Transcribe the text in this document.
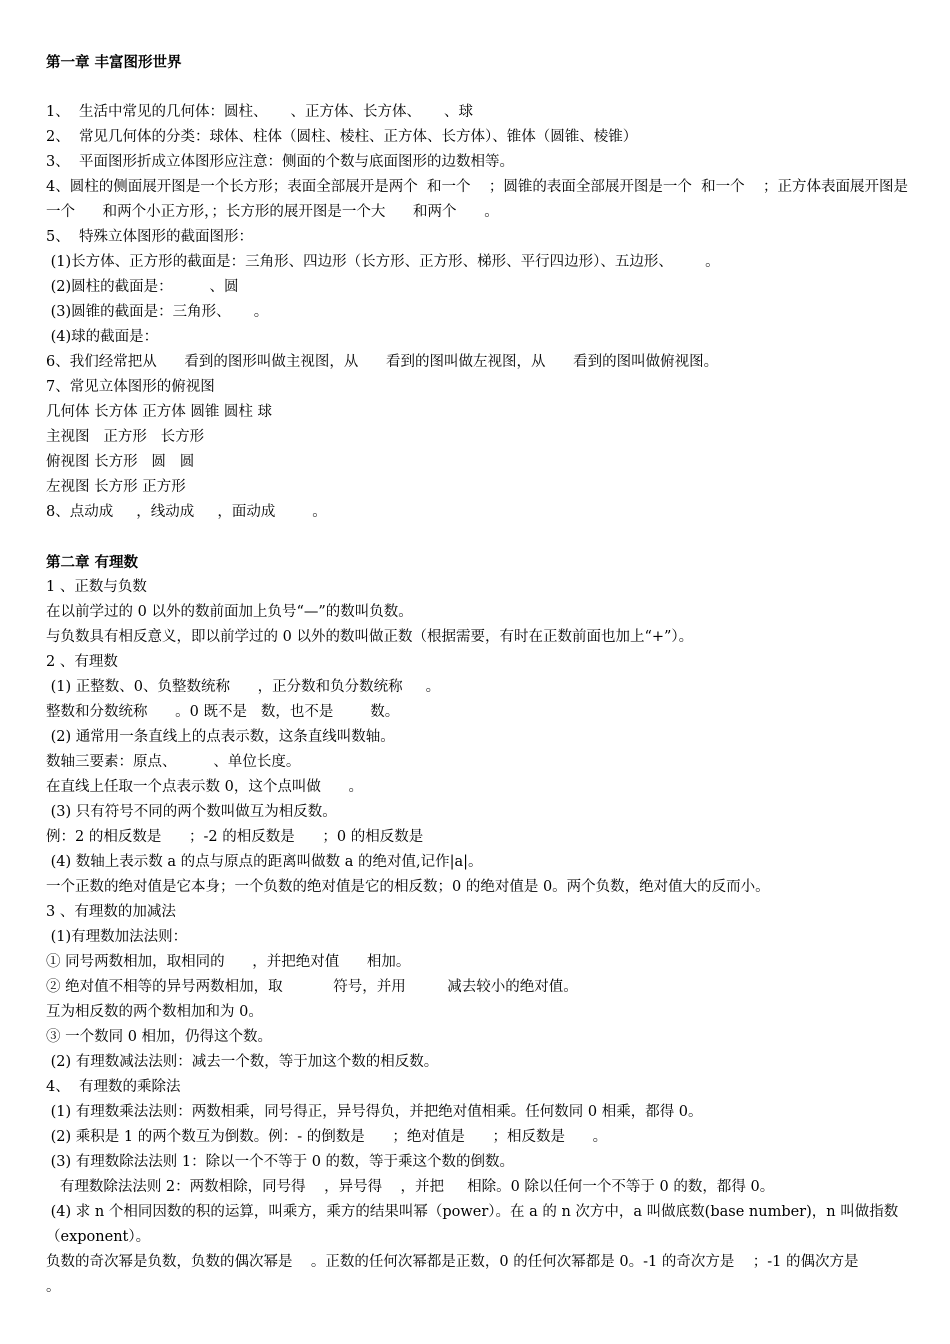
第一章 丰富图形世界
1、  生活中常见的几何体：圆柱、     、正方体、长方体、     、球
2、  常见几何体的分类：球体、柱体（圆柱、棱柱、正方体、长方体）、锥体（圆锥、棱锥）
3、  平面图形折成立体图形应注意：侧面的个数与底面图形的边数相等。
4、圆柱的侧面展开图是一个长方形；表面全部展开是两个  和一个    ；圆锥的表面全部展开图是一个  和一个    ；正方体表面展开图是一个      和两个小正方形，；长方形的展开图是一个大      和两个      。
5、  特殊立体图形的截面图形：
(1)长方体、正方形的截面是：三角形、四边形（长方形、正方形、梯形、平行四边形）、五边形、       。
(2)圆柱的截面是：        、圆
(3)圆锥的截面是：三角形、     。
(4)球的截面是：
6、我们经常把从      看到的图形叫做主视图，从      看到的图叫做左视图，从      看到的图叫做俯视图。
7、常见立体图形的俯视图
几何体 长方体 正方体 圆锥 圆柱 球
主视图   正方形   长方形
俯视图 长方形   圆   圆
左视图 长方形 正方形
8、点动成     ，线动成     ，面动成        。
第二章 有理数
1 、正数与负数
在以前学过的 0 以外的数前面加上负号“—”的数叫负数。
与负数具有相反意义，即以前学过的 0 以外的数叫做正数（根据需要，有时在正数前面也加上“+”）。
2 、有理数
(1) 正整数、0、负整数统称      ，正分数和负分数统称     。
整数和分数统称      。0 既不是   数，也不是        数。
(2) 通常用一条直线上的点表示数，这条直线叫数轴。
数轴三要素：原点、        、单位长度。
在直线上任取一个点表示数 0，这个点叫做      。
(3) 只有符号不同的两个数叫做互为相反数。
例：2 的相反数是      ；-2 的相反数是      ；0 的相反数是
(4) 数轴上表示数 a 的点与原点的距离叫做数 a 的绝对值,记作|a|。
一个正数的绝对值是它本身；一个负数的绝对值是它的相反数；0 的绝对值是 0。两个负数，绝对值大的反而小。
3 、有理数的加减法
(1)有理数加法法则：
① 同号两数相加，取相同的      ，并把绝对值      相加。
② 绝对值不相等的异号两数相加，取           符号，并用         减去较小的绝对值。
互为相反数的两个数相加和为 0。
③ 一个数同 0 相加，仍得这个数。
(2) 有理数减法法则：减去一个数，等于加这个数的相反数。
4、  有理数的乘除法
(1) 有理数乘法法则：两数相乘，同号得正，异号得负，并把绝对值相乘。任何数同 0 相乘，都得 0。
(2) 乘积是 1 的两个数互为倒数。例：- 的倒数是      ；绝对值是      ；相反数是      。
(3) 有理数除法法则 1：除以一个不等于 0 的数，等于乘这个数的倒数。
有理数除法法则 2：两数相除，同号得    ，异号得    ，并把     相除。0 除以任何一个不等于 0 的数，都得 0。
(4) 求 n 个相同因数的积的运算，叫乘方，乘方的结果叫幂（power）。在 a 的 n 次方中，a 叫做底数(base number)，n 叫做指数（exponent）。
负数的奇次幂是负数，负数的偶次幂是    。正数的任何次幂都是正数，0 的任何次幂都是 0。-1 的奇次方是    ；-1 的偶次方是         。
